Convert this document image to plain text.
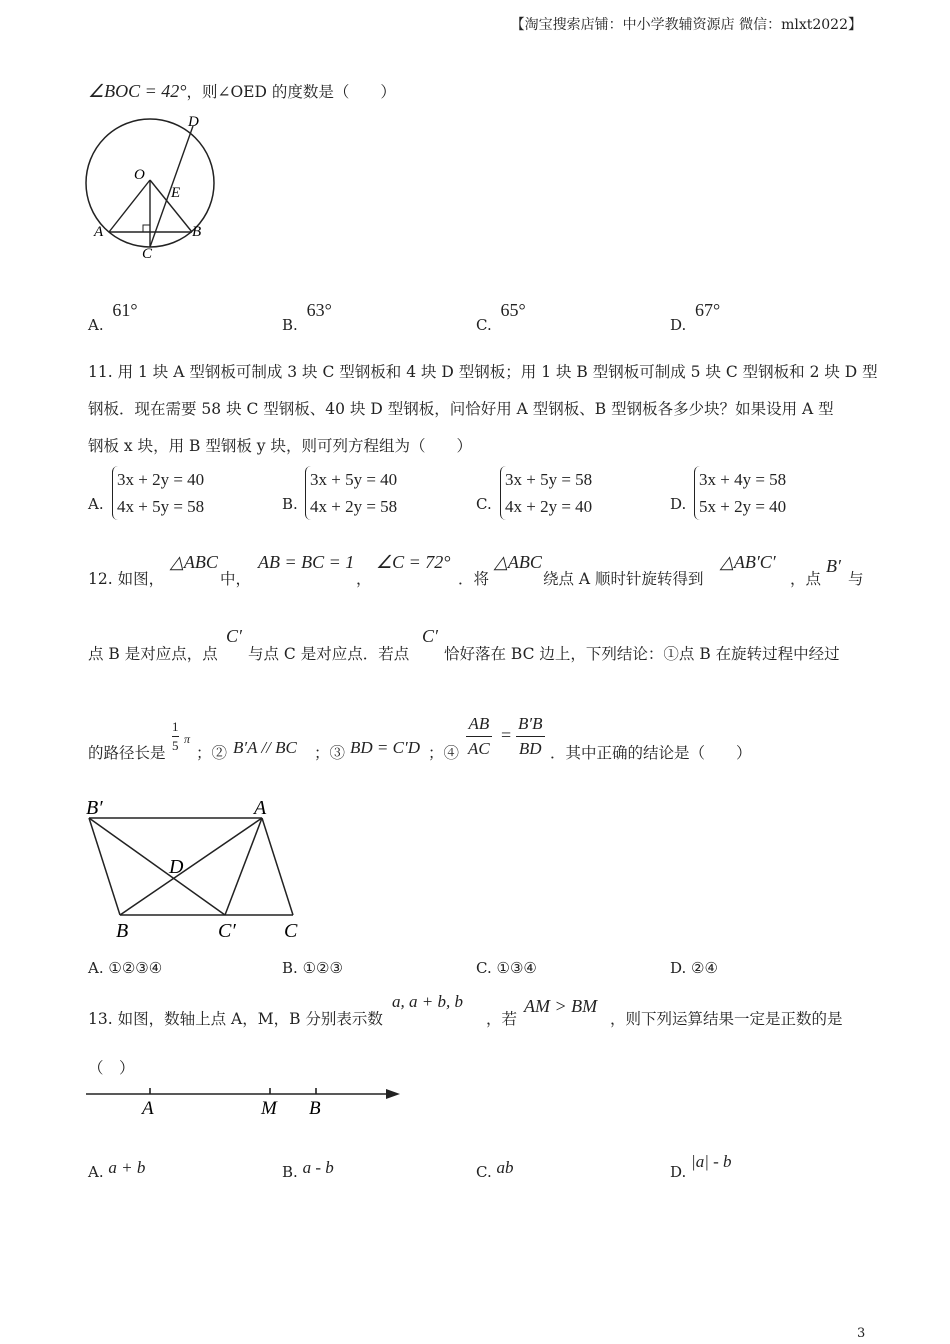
【淘宝搜索店铺：中小学教辅资源店 微信：mlxt2022】
∠BOC = 42°，则∠OED 的度数是（　　）
D
O
E
A	B
C
A. 61°
B. 63°
C. 65°
D. 67°
11. 用 1 块 A 型钢板可制成 3 块 C 型钢板和 4 块 D 型钢板；用 1 块 B 型钢板可制成 5 块 C 型钢板和 2 块 D 型
钢板．现在需要 58 块 C 型钢板、40 块 D 型钢板，问恰好用 A 型钢板、B 型钢板各多少块？如果设用 A 型
钢板 x 块，用 B 型钢板 y 块，则可列方程组为（　　）
A.
3x + 2y = 40
4x + 5y = 58	B.
3x + 5y = 40
4x + 2y = 58	C.
3x + 5y = 58
4x + 2y = 40	D.
3x + 4y = 58
5x + 2y = 40
12. 如图，
△ABC
中，
AB = BC = 1
，
∠C = 72°
．将
△ABC
绕点 A 顺时针旋转得到
△AB′C′
，点
B′
与
点 B 是对应点，点
C′
与点 C 是对应点．若点
C′
恰好落在 BC 边上，下列结论：①点 B 在旋转过程中经过
的路径长是 $\frac{1}{5}$ π
；② B′A // BC ；③ BD = C′D ；④ $\frac{AB}{AC} = \frac{B'B}{BD}$ ．其中正确的结论是（　　）
B′	A
D
B	C′ C
A. ①②③④	B. ①②③	C. ①③④	D. ②④
13. 如图，数轴上点 A，M，B 分别表示数
a, a + b, b
，若
AM > BM
，则下列运算结果一定是正数的是
（　）
A	M B
A. a + b	B. a - b	C. ab	D. |a| - b
3
